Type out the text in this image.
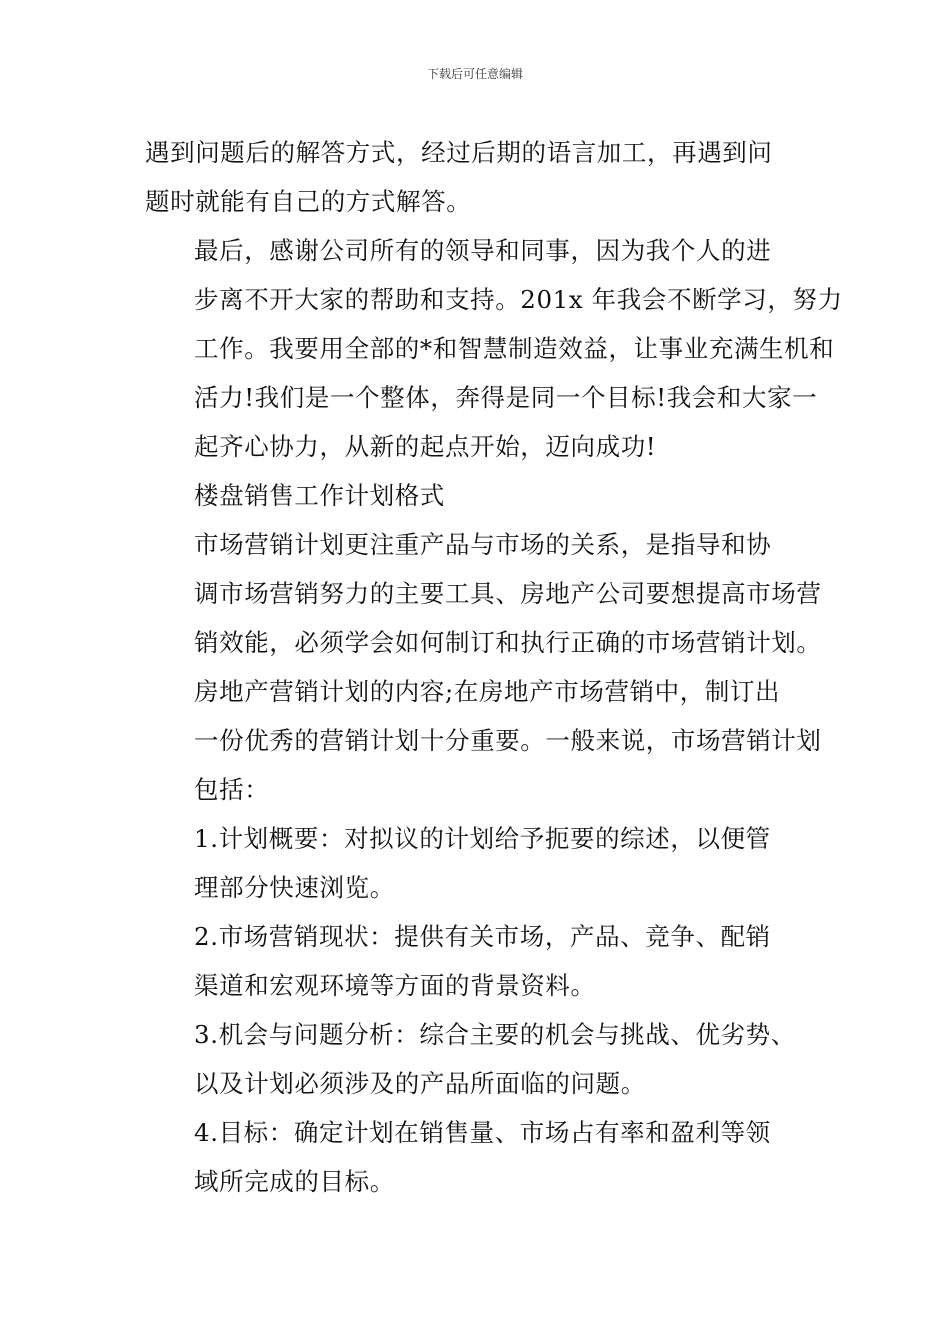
下载后可任意编辑

遇到问题后的解答方式，经过后期的语言加工，再遇到问
题时就能有自己的方式解答。

最后，感谢公司所有的领导和同事，因为我个人的进
步离不开大家的帮助和支持。201x 年我会不断学习，努力
工作。我要用全部的*和智慧制造效益，让事业充满生机和
活力!我们是一个整体，奔得是同一个目标!我会和大家一
起齐心协力，从新的起点开始，迈向成功!

楼盘销售工作计划格式

市场营销计划更注重产品与市场的关系，是指导和协
调市场营销努力的主要工具、房地产公司要想提高市场营
销效能，必须学会如何制订和执行正确的市场营销计划。

房地产营销计划的内容;在房地产市场营销中，制订出
一份优秀的营销计划十分重要。一般来说，市场营销计划
包括：

1.计划概要：对拟议的计划给予扼要的综述，以便管
理部分快速浏览。

2.市场营销现状：提供有关市场，产品、竞争、配销
渠道和宏观环境等方面的背景资料。

3.机会与问题分析：综合主要的机会与挑战、优劣势、
以及计划必须涉及的产品所面临的问题。

4.目标：确定计划在销售量、市场占有率和盈利等领
域所完成的目标。
